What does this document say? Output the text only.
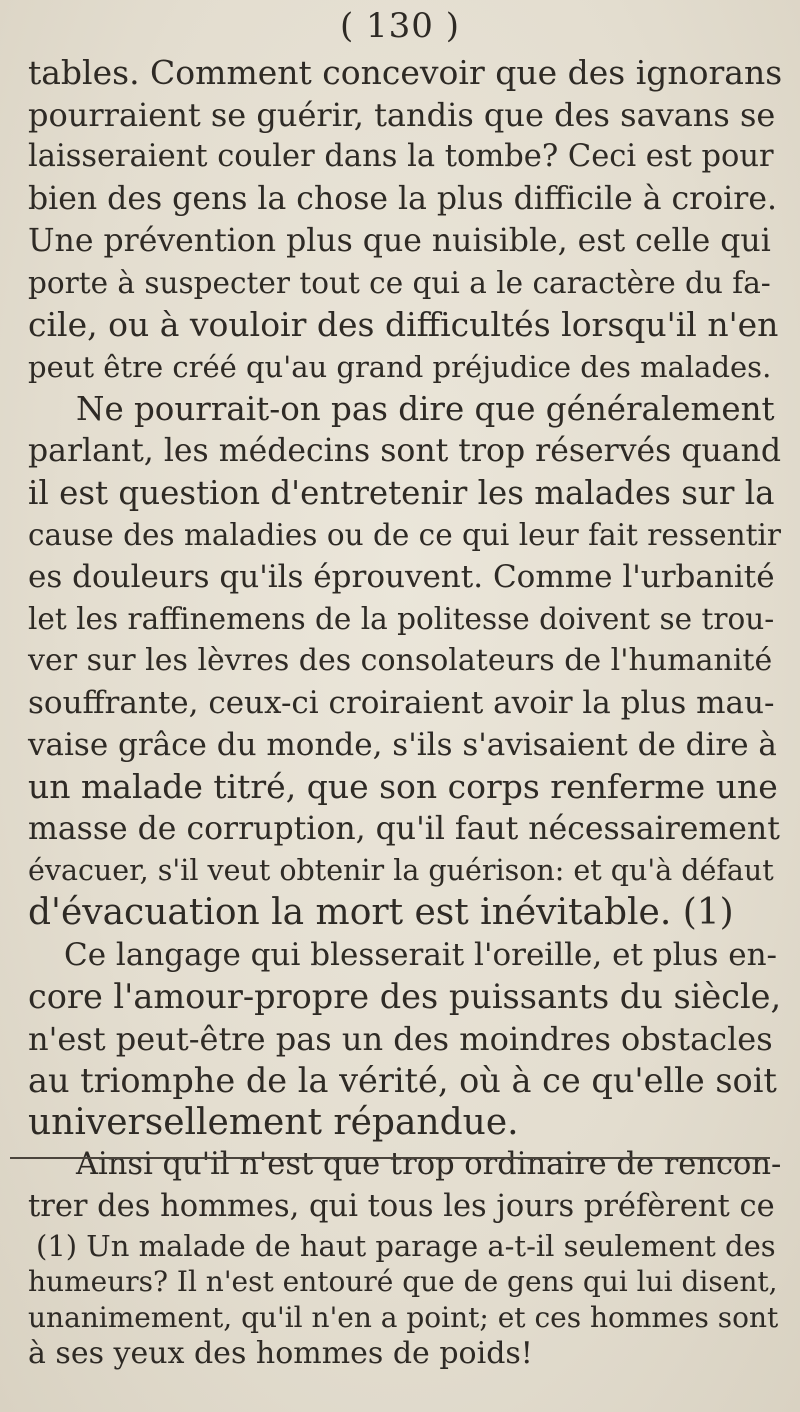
( 130 )
tables. Comment concevoir que des ignorans
pourraient se guérir, tandis que des savans se
laisseraient couler dans la tombe? Ceci est pour
bien des gens la chose la plus difficile à croire.
Une prévention plus que nuisible, est celle qui
porte à suspecter tout ce qui a le caractère du fa-
cile, ou à vouloir des difficultés lorsqu'il n'en
peut être créé qu'au grand préjudice des malades.
Ne pourrait-on pas dire que généralement
parlant, les médecins sont trop réservés quand
il est question d'entretenir les malades sur la
cause des maladies ou de ce qui leur fait ressentir
es douleurs qu'ils éprouvent. Comme l'urbanité
let les raffinemens de la politesse doivent se trou-
ver sur les lèvres des consolateurs de l'humanité
souffrante, ceux-ci croiraient avoir la plus mau-
vaise grâce du monde, s'ils s'avisaient de dire à
un malade titré, que son corps renferme une
masse de corruption, qu'il faut nécessairement
évacuer, s'il veut obtenir la guérison: et qu'à défaut
d'évacuation la mort est inévitable. (1)
Ce langage qui blesserait l'oreille, et plus en-
core l'amour-propre des puissants du siècle,
n'est peut-être pas un des moindres obstacles
au triomphe de la vérité, où à ce qu'elle soit
universellement répandue.
Ainsi qu'il n'est que trop ordinaire de rencon-
trer des hommes, qui tous les jours préfèrent ce
(1) Un malade de haut parage a-t-il seulement des
humeurs? Il n'est entouré que de gens qui lui disent,
unanimement, qu'il n'en a point; et ces hommes sont
à ses yeux des hommes de poids!
